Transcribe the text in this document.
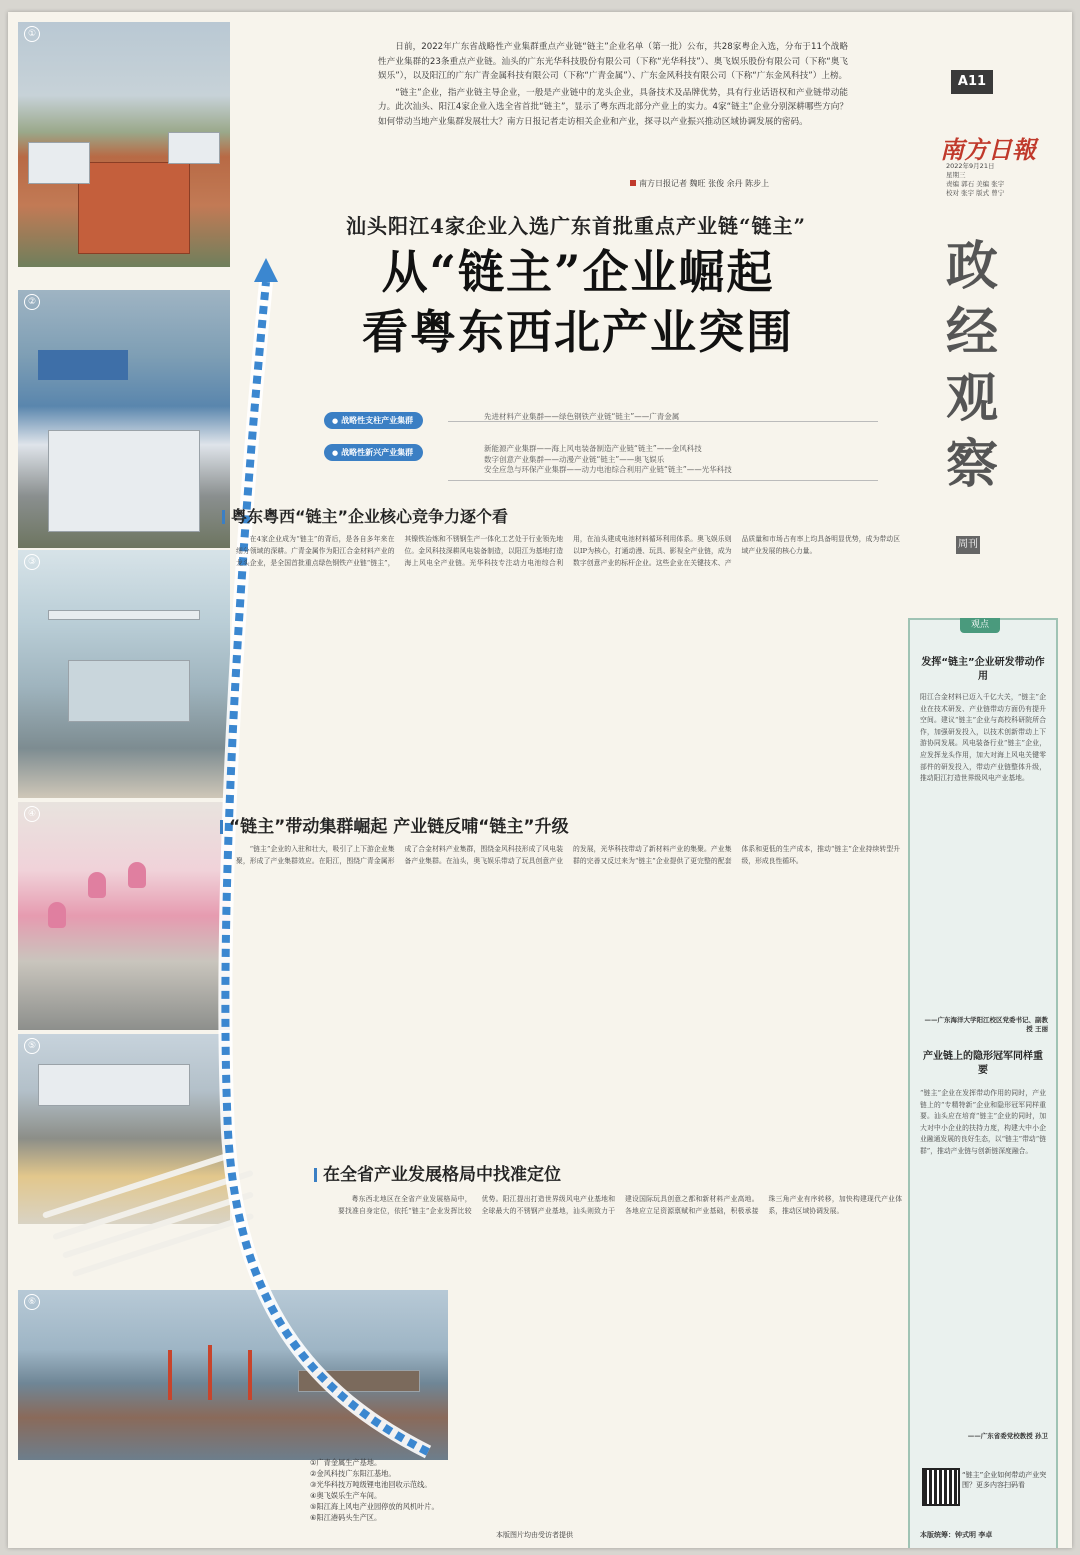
①
②
③
④
⑤
⑥

日前，2022年广东省战略性产业集群重点产业链“链主”企业名单（第一批）公布，共28家粤企入选，分布于11个战略性产业集群的23条重点产业链。汕头的广东光华科技股份有限公司（下称“光华科技”）、奥飞娱乐股份有限公司（下称“奥飞娱乐”），以及阳江的广东广青金属科技有限公司（下称“广青金属”）、广东金风科技有限公司（下称“广东金风科技”）上榜。

“链主”企业，指产业链主导企业，一般是产业链中的龙头企业，具备技术及品牌优势，具有行业话语权和产业链带动能力。此次汕头、阳江4家企业入选全省首批“链主”，显示了粤东西北部分产业上的实力。4家“链主”企业分别深耕哪些方向？如何带动当地产业集群发展壮大？南方日报记者走访相关企业和产业，探寻以产业振兴推动区域协调发展的密码。

南方日报记者 魏旺 张俊 余丹 陈步上
汕头阳江4家企业入选广东首批重点产业链“链主”
从“链主”企业崛起
看粤东西北产业突围
● 战略性支柱产业集群	先进材料产业集群——绿色钢铁产业链“链主”——广青金属
● 战略性新兴产业集群	新能源产业集群——海上风电装备制造产业链“链主”——金风科技
数字创意产业集群——动漫产业链“链主”——奥飞娱乐
安全应急与环保产业集群——动力电池综合利用产业链“链主”——光华科技
A11
南方日報
2022年9月21日
星期三
责编 郭石 美编 张宇 校对 张宇 版式 曾宁
政
经
观
察
周刊
观点
发挥“链主”企业研发带动作用
阳江合金材料已迈入千亿大关，“链主”企业在技术研发、产业链带动方面仍有提升空间。建议“链主”企业与高校科研院所合作，加强研发投入，以技术创新带动上下游协同发展。风电装备行业“链主”企业，应发挥龙头作用，加大对海上风电关键零部件的研发投入，带动产业链整体升级，推动阳江打造世界级风电产业基地。
——广东海洋大学阳江校区党委书记、副教授 王丽
产业链上的隐形冠军同样重要
“链主”企业在发挥带动作用的同时，产业链上的“专精特新”企业和隐形冠军同样重要。汕头应在培育“链主”企业的同时，加大对中小企业的扶持力度，构建大中小企业融通发展的良好生态，以“链主”带动“链群”，推动产业链与创新链深度融合。
——广东省委党校教授 孙卫
“链主”企业如何带动产业突围？更多内容扫码看
本版统筹：钟式明 李卓
粤东粤西“链主”企业核心竞争力逐个看

在4家企业成为“链主”的背后，是各自多年来在细分领域的深耕。广青金属作为阳江合金材料产业的龙头企业，是全国首批重点绿色钢铁产业链“链主”，其镍铁冶炼和不锈钢生产一体化工艺处于行业领先地位。金风科技深耕风电装备制造，以阳江为基地打造海上风电全产业链。光华科技专注动力电池综合利用，在汕头建成电池材料循环利用体系。奥飞娱乐则以IP为核心，打通动漫、玩具、影视全产业链，成为数字创意产业的标杆企业。这些企业在关键技术、产品质量和市场占有率上均具备明显优势，成为带动区域产业发展的核心力量。

“链主”带动集群崛起 产业链反哺“链主”升级

“链主”企业的入驻和壮大，吸引了上下游企业集聚，形成了产业集群效应。在阳江，围绕广青金属形成了合金材料产业集群，围绕金风科技形成了风电装备产业集群。在汕头，奥飞娱乐带动了玩具创意产业的发展，光华科技带动了新材料产业的集聚。产业集群的完善又反过来为“链主”企业提供了更完整的配套体系和更低的生产成本，推动“链主”企业持续转型升级，形成良性循环。

在全省产业发展格局中找准定位

粤东西北地区在全省产业发展格局中，要找准自身定位，依托“链主”企业发挥比较优势。阳江提出打造世界级风电产业基地和全球最大的不锈钢产业基地，汕头则致力于建设国际玩具创意之都和新材料产业高地。各地应立足资源禀赋和产业基础，积极承接珠三角产业有序转移，加快构建现代产业体系，推动区域协调发展。

①广青金属生产基地。
②金风科技广东阳江基地。
③光华科技万吨级锂电池回收示范线。
④奥飞娱乐生产车间。
⑤阳江海上风电产业园停放的风机叶片。
⑥阳江港码头生产区。
本版图片均由受访者提供
